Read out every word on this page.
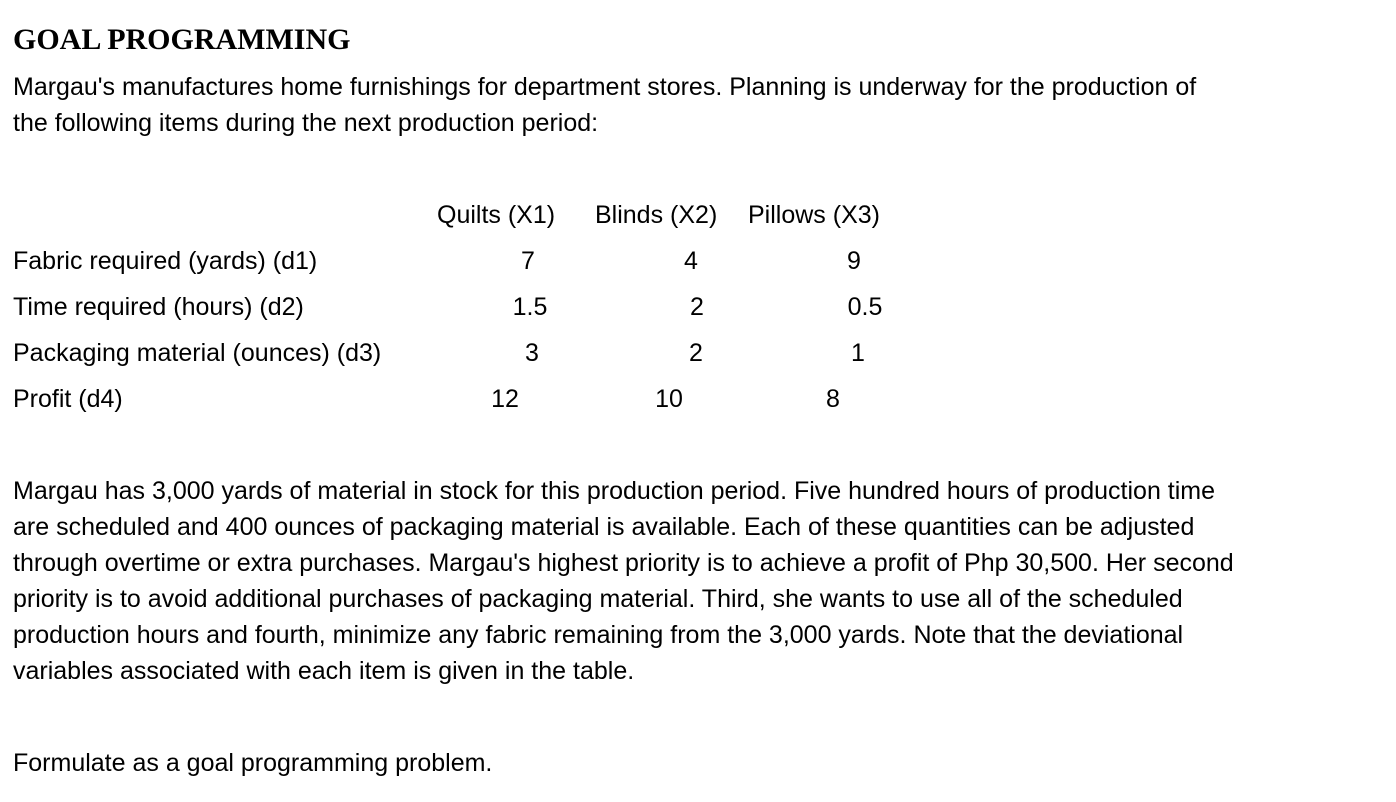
GOAL PROGRAMMING
Margau's manufactures home furnishings for department stores. Planning is underway for the production of
the following items during the next production period:
Quilts (X1) Blinds (X2) Pillows (X3)
Fabric required (yards) (d1)	7	4	9
Time required (hours) (d2)	1.5	2	0.5
Packaging material (ounces) (d3)	3	2	1
Profit (d4)	12	10	8
Margau has 3,000 yards of material in stock for this production period. Five hundred hours of production time
are scheduled and 400 ounces of packaging material is available. Each of these quantities can be adjusted
through overtime or extra purchases. Margau's highest priority is to achieve a profit of Php 30,500. Her second
priority is to avoid additional purchases of packaging material. Third, she wants to use all of the scheduled
production hours and fourth, minimize any fabric remaining from the 3,000 yards. Note that the deviational
variables associated with each item is given in the table.
Formulate as a goal programming problem.
